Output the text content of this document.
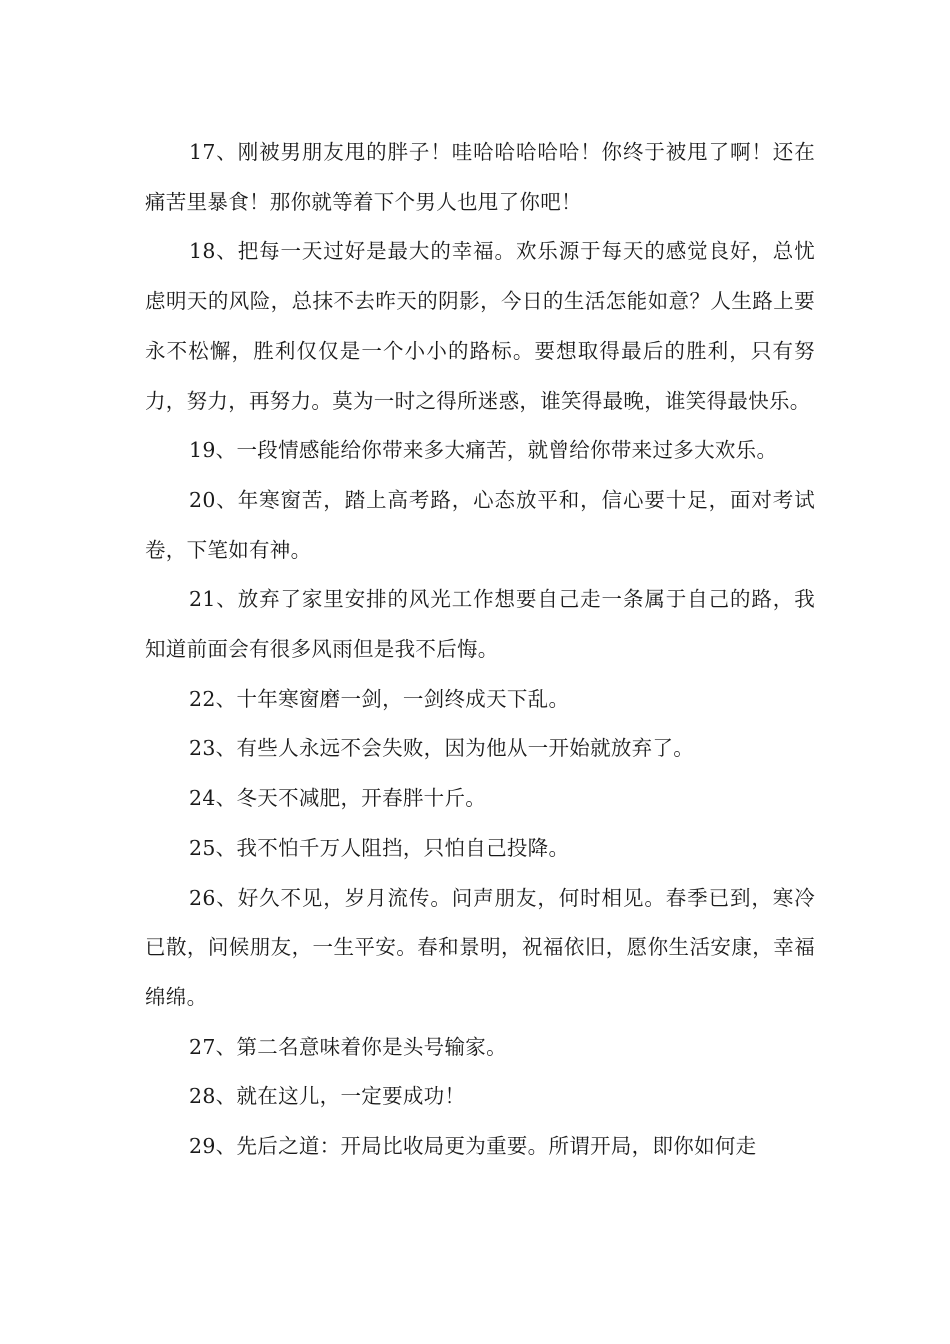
17、刚被男朋友甩的胖子！哇哈哈哈哈哈！你终于被甩了啊！还在痛苦里暴食！那你就等着下个男人也甩了你吧！

18、把每一天过好是最大的幸福。欢乐源于每天的感觉良好，总忧虑明天的风险，总抹不去昨天的阴影，今日的生活怎能如意？人生路上要永不松懈，胜利仅仅是一个小小的路标。要想取得最后的胜利，只有努力，努力，再努力。莫为一时之得所迷惑，谁笑得最晚，谁笑得最快乐。

19、一段情感能给你带来多大痛苦，就曾给你带来过多大欢乐。

20、年寒窗苦，踏上高考路，心态放平和，信心要十足，面对考试卷，下笔如有神。

21、放弃了家里安排的风光工作想要自己走一条属于自己的路，我知道前面会有很多风雨但是我不后悔。

22、十年寒窗磨一剑，一剑终成天下乱。

23、有些人永远不会失败，因为他从一开始就放弃了。

24、冬天不减肥，开春胖十斤。

25、我不怕千万人阻挡，只怕自己投降。

26、好久不见，岁月流传。问声朋友，何时相见。春季已到，寒冷已散，问候朋友，一生平安。春和景明，祝福依旧，愿你生活安康，幸福绵绵。

27、第二名意味着你是头号输家。

28、就在这儿，一定要成功！

29、先后之道：开局比收局更为重要。所谓开局，即你如何走
